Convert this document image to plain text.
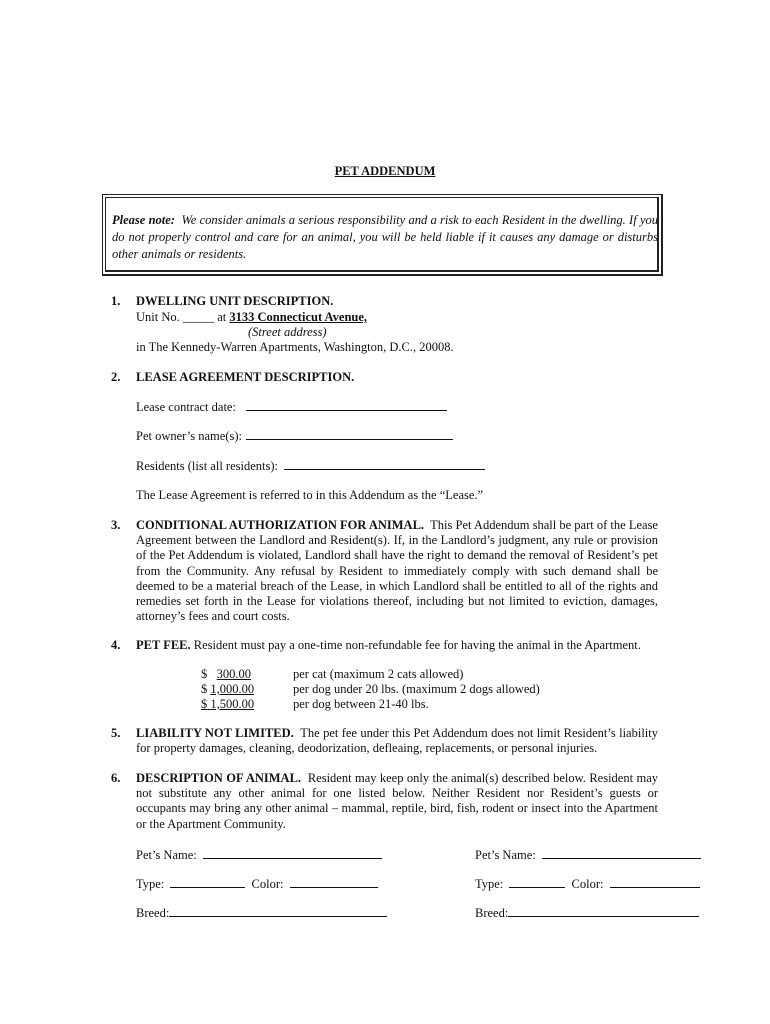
PET ADDENDUM
Please note: We consider animals a serious responsibility and a risk to each Resident in the dwelling. If you do not properly control and care for an animal, you will be held liable if it causes any damage or disturbs other animals or residents.
1. DWELLING UNIT DESCRIPTION.
Unit No. _____ at 3133 Connecticut Avenue,
(Street address)
in The Kennedy-Warren Apartments, Washington, D.C., 20008.
2. LEASE AGREEMENT DESCRIPTION.
Lease contract date:
Pet owner’s name(s):
Residents (list all residents):
The Lease Agreement is referred to in this Addendum as the “Lease.”
3. CONDITIONAL AUTHORIZATION FOR ANIMAL. This Pet Addendum shall be part of the Lease Agreement between the Landlord and Resident(s). If, in the Landlord’s judgment, any rule or provision of the Pet Addendum is violated, Landlord shall have the right to demand the removal of Resident’s pet from the Community. Any refusal by Resident to immediately comply with such demand shall be deemed to be a material breach of the Lease, in which Landlord shall be entitled to all of the rights and remedies set forth in the Lease for violations thereof, including but not limited to eviction, damages, attorney’s fees and court costs.
4. PET FEE. Resident must pay a one-time non-refundable fee for having the animal in the Apartment.
$ 300.00	per cat (maximum 2 cats allowed)
$ 1,000.00	per dog under 20 lbs. (maximum 2 dogs allowed)
$ 1,500.00	per dog between 21-40 lbs.
5. LIABILITY NOT LIMITED. The pet fee under this Pet Addendum does not limit Resident’s liability for property damages, cleaning, deodorization, defleaing, replacements, or personal injuries.
6. DESCRIPTION OF ANIMAL. Resident may keep only the animal(s) described below. Resident may not substitute any other animal for one listed below. Neither Resident nor Resident’s guests or occupants may bring any other animal – mammal, reptile, bird, fish, rodent or insect into the Apartment or the Apartment Community.
Pet’s Name:
Type:	Color:
Breed:
Pet’s Name:
Type:	Color:
Breed:
